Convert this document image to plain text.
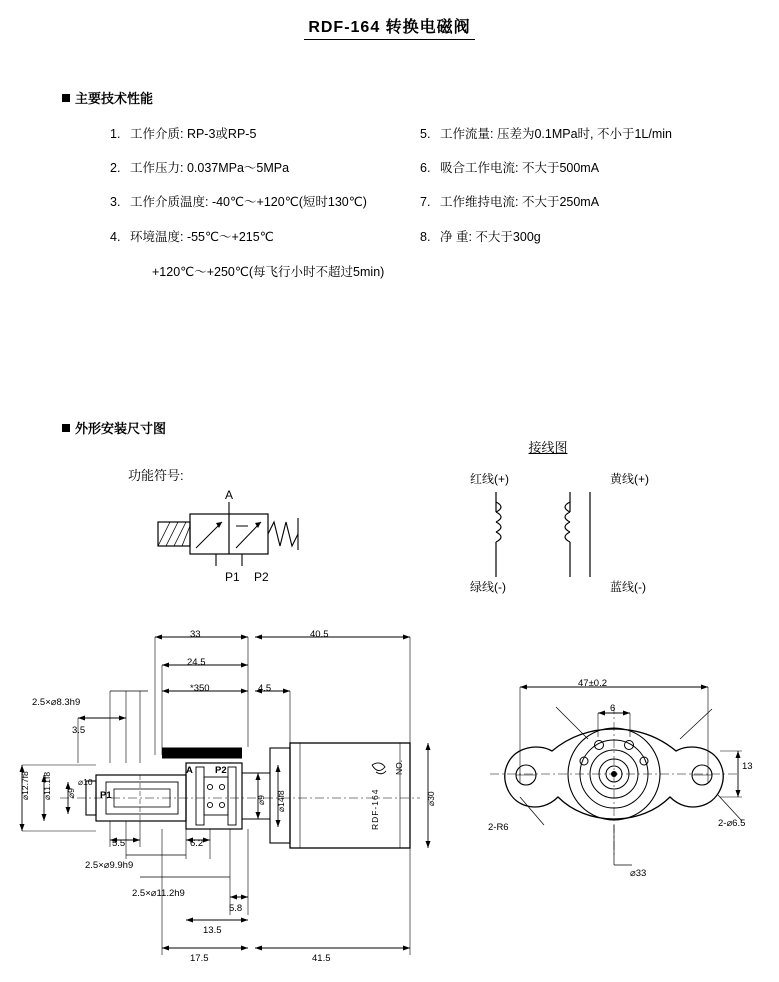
RDF-164 转换电磁阀
主要技术性能
1. 工作介质: RP-3或RP-5
2. 工作压力: 0.037MPa～5MPa
3. 工作介质温度: -40℃～+120℃(短时130℃)
4. 环境温度: -55℃～+215℃
+120℃～+250℃(每飞行小时不超过5min)
5. 工作流量: 压差为0.1MPa时, 不小于1L/min
6. 吸合工作电流: 不大于500mA
7. 工作维持电流: 不大于250mA
8. 净 重: 不大于300g
外形安装尺寸图
功能符号:
A
P1 P2
接线图
红线(+)	黄线(+)
绿线(-)	蓝线(-)
33	40.5
24.5
*350	4.5
2.5×⌀8.3h9
3.5
⌀12.7f8 ⌀11.1f8 ⌀9
⌀10
⌀9 ⌀14f8	⌀30
A P2
P1	RDF-164
NO.
5.5	6.2
2.5×⌀9.9h9
2.5×⌀11.2h9
5.8
13.5
17.5	41.5
47±0.2
6
13
2-R6	2-⌀6.5
⌀33
